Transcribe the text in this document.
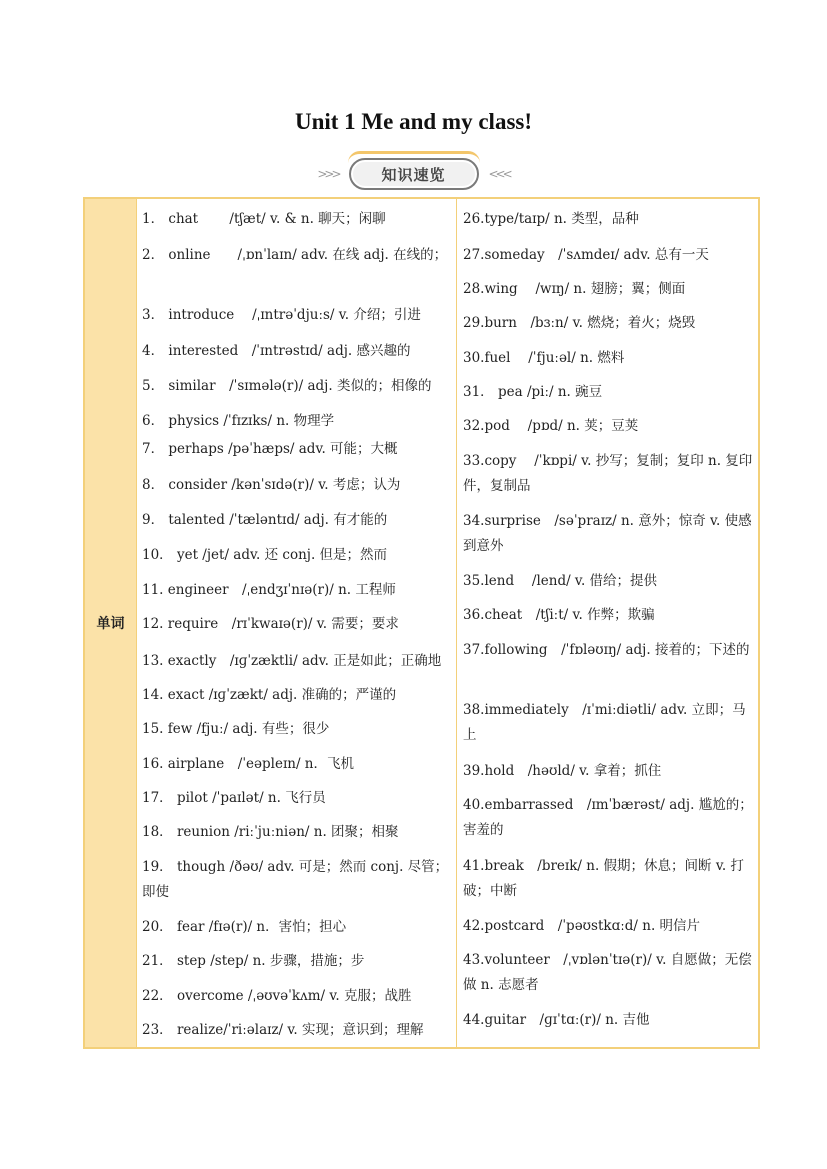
Unit 1 Me and my class!
>>>	知识速览	<<<
单词
1． chat　　 /tʃæt/ v. & n. 聊天；闲聊
2． online　　/ˌɒnˈlaɪn/ adv. 在线 adj. 在线的；
3． introduce　 /ˌɪntrəˈdjuːs/ v. 介绍；引进
4． interested　/ˈɪntrəstɪd/ adj. 感兴趣的
5． similar　/ˈsɪmələ(r)/ adj. 类似的；相像的
6． physics /ˈfɪzɪks/ n. 物理学
7． perhaps /pəˈhæps/ adv. 可能；大概
8． consider /kənˈsɪdə(r)/ v. 考虑；认为
9． talented /ˈtæləntɪd/ adj. 有才能的
10． yet /jet/ adv. 还 conj. 但是；然而
11. engineer　/ˌendʒɪˈnɪə(r)/ n. 工程师
12. require　/rɪˈkwaɪə(r)/ v. 需要；要求
13. exactly　/ɪɡˈzæktli/ adv. 正是如此；正确地
14. exact /ɪɡˈzækt/ adj. 准确的；严谨的
15. few /fjuː/ adj. 有些；很少
16. airplane　/ˈeəpleɪn/ n．飞机
17． pilot /ˈpaɪlət/ n. 飞行员
18． reunion /riːˈjuːniən/ n. 团聚；相聚
19． though /ðəʊ/ adv. 可是；然而 conj. 尽管；即使
20． fear /fɪə(r)/ n．害怕；担心
21． step /step/ n. 步骤，措施；步
22． overcome /ˌəʊvəˈkʌm/ v. 克服；战胜
23． realize/ˈriːəlaɪz/ v. 实现；意识到；理解
26.type/taɪp/ n. 类型，品种
27.someday　/ˈsʌmdeɪ/ adv. 总有一天
28.wing　 /wɪŋ/ n. 翅膀；翼；侧面
29.burn　/bɜːn/ v. 燃烧；着火；烧毁
30.fuel　 /ˈfjuːəl/ n. 燃料
31． pea /piː/ n. 豌豆
32.pod　 /pɒd/ n. 荚；豆荚
33.copy　 /ˈkɒpi/ v. 抄写；复制；复印 n. 复印件，复制品
34.surprise　/səˈpraɪz/ n. 意外；惊奇 v. 使感到意外
35.lend　 /lend/ v. 借给；提供
36.cheat　/tʃiːt/ v. 作弊；欺骗
37.following　/ˈfɒləʊɪŋ/ adj. 接着的；下述的
38.immediately　/ɪˈmiːdiətli/ adv. 立即；马上
39.hold　/həʊld/ v. 拿着；抓住
40.embarrassed　/ɪmˈbærəst/ adj. 尴尬的；害羞的
41.break　/breɪk/ n. 假期；休息；间断 v. 打破；中断
42.postcard　/ˈpəʊstkɑːd/ n. 明信片
43.volunteer　/ˌvɒlənˈtɪə(r)/ v. 自愿做；无偿做 n. 志愿者
44.guitar　/ɡɪˈtɑː(r)/ n. 吉他
